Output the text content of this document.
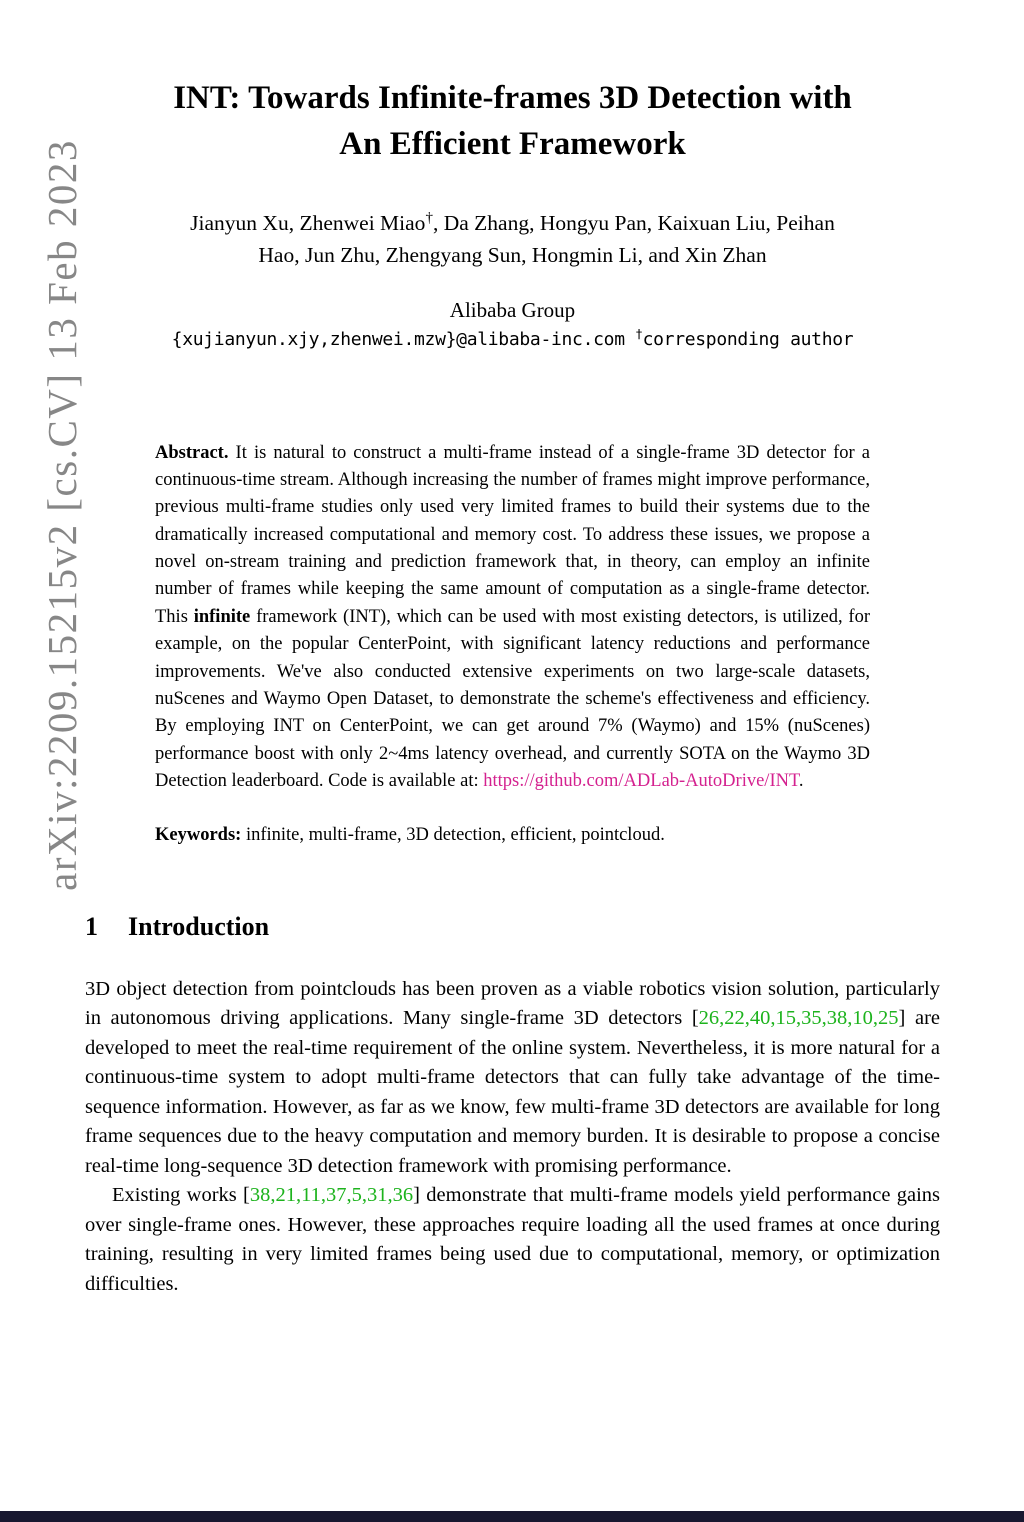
arXiv:2209.15215v2 [cs.CV] 13 Feb 2023
INT: Towards Infinite-frames 3D Detection with
An Efficient Framework
Jianyun Xu, Zhenwei Miao†, Da Zhang, Hongyu Pan, Kaixuan Liu, Peihan
Hao, Jun Zhu, Zhengyang Sun, Hongmin Li, and Xin Zhan
Alibaba Group
{xujianyun.xjy,zhenwei.mzw}@alibaba-inc.com †corresponding author

Abstract. It is natural to construct a multi-frame instead of a single-frame 3D detector for a continuous-time stream. Although increasing the number of frames might improve performance, previous multi-frame studies only used very limited frames to build their systems due to the dramatically increased computational and memory cost. To address these issues, we propose a novel on-stream training and prediction framework that, in theory, can employ an infinite number of frames while keeping the same amount of computation as a single-frame detector. This infinite framework (INT), which can be used with most existing detectors, is utilized, for example, on the popular CenterPoint, with significant latency reductions and performance improvements. We've also conducted extensive experiments on two large-scale datasets, nuScenes and Waymo Open Dataset, to demonstrate the scheme's effectiveness and efficiency. By employing INT on CenterPoint, we can get around 7% (Waymo) and 15% (nuScenes) performance boost with only 2~4ms latency overhead, and currently SOTA on the Waymo 3D Detection leaderboard. Code is available at: https://github.com/ADLab-AutoDrive/INT.

Keywords: infinite, multi-frame, 3D detection, efficient, pointcloud.

1 Introduction

3D object detection from pointclouds has been proven as a viable robotics vision solution, particularly in autonomous driving applications. Many single-frame 3D detectors [26,22,40,15,35,38,10,25] are developed to meet the real-time requirement of the online system. Nevertheless, it is more natural for a continuous-time system to adopt multi-frame detectors that can fully take advantage of the time-sequence information. However, as far as we know, few multi-frame 3D detectors are available for long frame sequences due to the heavy computation and memory burden. It is desirable to propose a concise real-time long-sequence 3D detection framework with promising performance.

Existing works [38,21,11,37,5,31,36] demonstrate that multi-frame models yield performance gains over single-frame ones. However, these approaches require loading all the used frames at once during training, resulting in very limited frames being used due to computational, memory, or optimization difficulties.
